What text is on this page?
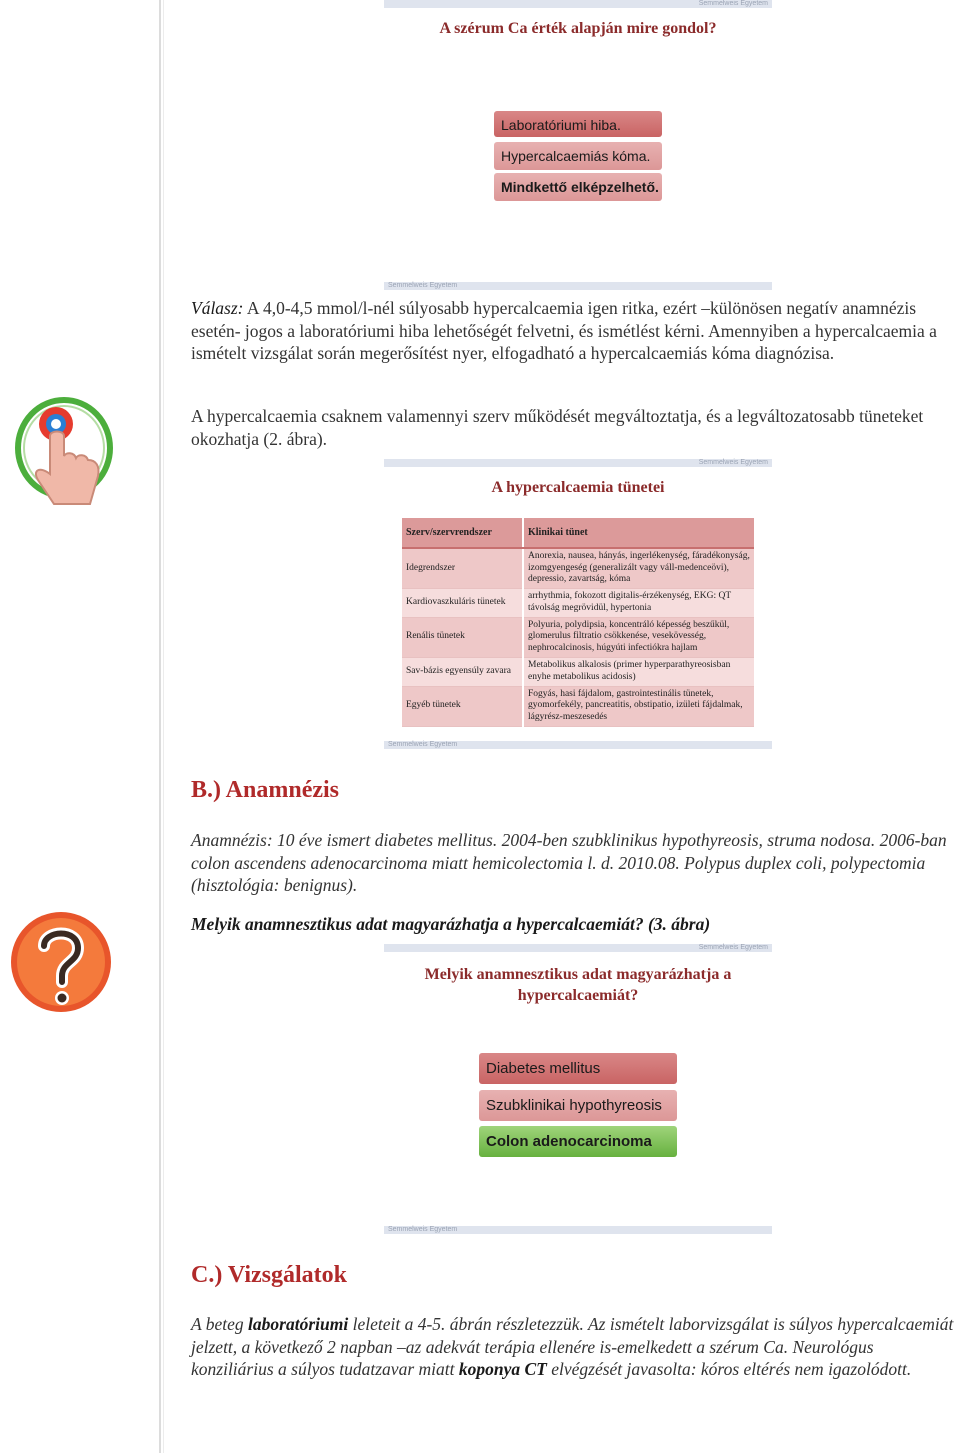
Semmelweis Egyetem
A szérum Ca érték alapján mire gondol?
Laboratóriumi hiba.
Hypercalcaemiás kóma.
Mindkettő elképzelhető.
Semmelweis Egyetem
Válasz: A 4,0-4,5 mmol/l-nél súlyosabb hypercalcaemia igen ritka, ezért –különösen negatív anamnézis esetén- jogos a laboratóriumi hiba lehetőségét felvetni, és ismétlést kérni. Amennyiben a hypercalcaemia a ismételt vizsgálat során megerősítést nyer, elfogadható a hypercalcaemiás kóma diagnózisa.
A hypercalcaemia csaknem valamennyi szerv működését megváltoztatja, és a legváltozatosabb tüneteket okozhatja (2. ábra).
Semmelweis Egyetem
A hypercalcaemia tünetei
Szerv/szervrendszer	Klinikai tünet
Idegrendszer	Anorexia, nausea, hányás, ingerlékenység, fáradékonyság, izomgyengeség (generalizált vagy váll-medenceövi), depressio, zavartság, kóma
Kardiovaszkuláris tünetek	arrhythmia, fokozott digitalis-érzékenység, EKG: QT távolság megrövidül, hypertonia
Renális tünetek	Polyuria, polydipsia, koncentráló képesség beszűkül, glomerulus filtratio csökkenése, vesekövesség, nephrocalcinosis, húgyúti infectiókra hajlam
Sav-bázis egyensúly zavara	Metabolikus alkalosis (primer hyperparathyreosisban enyhe metabolikus acidosis)
Egyéb tünetek	Fogyás, hasi fájdalom, gastrointestinális tünetek, gyomorfekély, pancreatitis, obstipatio, izületi fájdalmak, lágyrész-meszesedés
Semmelweis Egyetem
B.) Anamnézis
Anamnézis: 10 éve ismert diabetes mellitus. 2004-ben szubklinikus hypothyreosis, struma nodosa. 2006-ban colon ascendens adenocarcinoma miatt hemicolectomia l. d. 2010.08. Polypus duplex coli, polypectomia (hisztológia: benignus).
Melyik anamnesztikus adat magyarázhatja a hypercalcaemiát? (3. ábra)
Semmelweis Egyetem
Melyik anamnesztikus adat magyarázhatja a
hypercalcaemiát?
Diabetes mellitus
Szubklinikai hypothyreosis
Colon adenocarcinoma
Semmelweis Egyetem
C.) Vizsgálatok
A beteg laboratóriumi leleteit a 4-5. ábrán részletezzük. Az ismételt laborvizsgálat is súlyos hypercalcaemiát jelzett, a következő 2 napban –az adekvát terápia ellenére is-emelkedett a szérum Ca. Neurológus konziliárius a súlyos tudatzavar miatt koponya CT elvégzését javasolta: kóros eltérés nem igazolódott.
